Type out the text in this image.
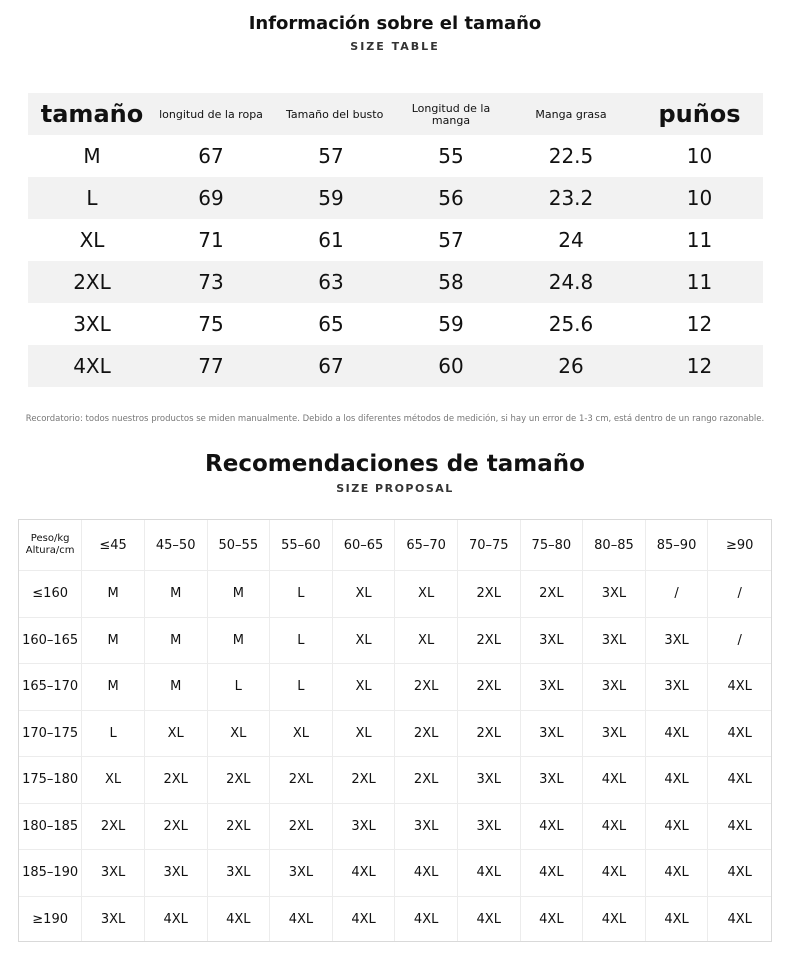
Información sobre el tamaño
SIZE TABLE
tamaño	longitud de la ropa	Tamaño del busto	Longitud de la manga	Manga grasa	puños
M	67	57	55	22.5	10
L	69	59	56	23.2	10
XL	71	61	57	24	11
2XL	73	63	58	24.8	11
3XL	75	65	59	25.6	12
4XL	77	67	60	26	12
Recordatorio: todos nuestros productos se miden manualmente. Debido a los diferentes métodos de medición, si hay un error de 1-3 cm, está dentro de un rango razonable.
Recomendaciones de tamaño
SIZE PROPOSAL
Peso/kg
Altura/cm	≤45	45–50	50–55	55–60	60–65	65–70	70–75	75–80	80–85	85–90	≥90
≤160	M	M	M	L	XL	XL	2XL	2XL	3XL	/	/
160–165	M	M	M	L	XL	XL	2XL	3XL	3XL	3XL	/
165–170	M	M	L	L	XL	2XL	2XL	3XL	3XL	3XL	4XL
170–175	L	XL	XL	XL	XL	2XL	2XL	3XL	3XL	4XL	4XL
175–180	XL	2XL	2XL	2XL	2XL	2XL	3XL	3XL	4XL	4XL	4XL
180–185	2XL	2XL	2XL	2XL	3XL	3XL	3XL	4XL	4XL	4XL	4XL
185–190	3XL	3XL	3XL	3XL	4XL	4XL	4XL	4XL	4XL	4XL	4XL
≥190	3XL	4XL	4XL	4XL	4XL	4XL	4XL	4XL	4XL	4XL	4XL
